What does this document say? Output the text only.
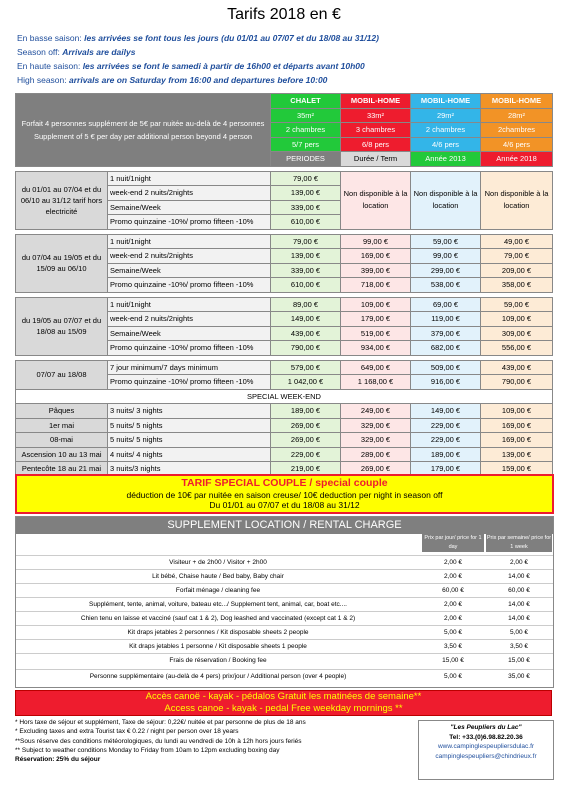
Tarifs 2018 en €
En basse saison: les arrivées se font tous les jours (du 01/01 au 07/07 et du 18/08 au 31/12)
Season off: Arrivals are dailys
En haute saison: les arrivées se font le samedi à partir de 16h00 et départs avant 10h00
High season: arrivals are on Saturday from 16:00 and departures before 10:00
Forfait 4 personnes supplément de 5€ par nuitée au-delà de 4 personnes Supplement of 5 € per day per additional person beyond 4 person		CHALET	MOBIL-HOME	MOBIL-HOME	MOBIL-HOME	
		35m²	33m²	29m²	28m²	
		2 chambres	3 chambres	2 chambres	2chambres	
		5/7 pers	6/8 pers	4/6 pers	4/6 pers	
		PERIODES	Durée / Term	Année 2013	Année 2018		

du 01/01 au 07/04 et du 06/10 au 31/12 tarif hors electricité	1 nuit/1night	79,00 €	Non disponible à la location	Non disponible à la location	Non disponible à la location	
	week-end 2 nuits/2nights	139,00 €				
	Semaine/Week	339,00 €				
	Promo quinzaine -10%/ promo fifteen -10%	610,00 €				

du 07/04 au 19/05 et du 15/09 au 06/10	1 nuit/1night	79,00 €	99,00 €	59,00 €	49,00 €	
	week-end 2 nuits/2nights	139,00 €	169,00 €	99,00 €	79,00 €	
	Semaine/Week	339,00 €	399,00 €	299,00 €	209,00 €	
	Promo quinzaine -10%/ promo fifteen -10%	610,00 €	718,00 €	538,00 €	358,00 €	

du 19/05 au 07/07 et du 18/08 au 15/09	1 nuit/1night	89,00 €	109,00 €	69,00 €	59,00 €	
	week-end 2 nuits/2nights	149,00 €	179,00 €	119,00 €	109,00 €	
	Semaine/Week	439,00 €	519,00 €	379,00 €	309,00 €	
	Promo quinzaine -10%/ promo fifteen -10%	790,00 €	934,00 €	682,00 €	556,00 €	

07/07 au 18/08	7 jour minimum/7 days minimum	579,00 €	649,00 €	509,00 €	439,00 €	
	Promo quinzaine -10%/ promo fifteen -10%	1 042,00 €	1 168,00 €	916,00 €	790,00 €	
SPECIAL WEEK-END						
Pâques	3 nuits/ 3 nights	189,00 €	249,00 €	149,00 €	109,00 €	
1er mai	5 nuits/ 5 nights	269,00 €	329,00 €	229,00 €	169,00 €	
08-mai	5 nuits/ 5 nights	269,00 €	329,00 €	229,00 €	169,00 €	
Ascension 10 au 13 mai	4 nuits/ 4 nights	229,00 €	289,00 €	189,00 €	139,00 €	
Pentecôte 18 au 21 mai	3 nuits/3 nights	219,00 €	269,00 €	179,00 €	159,00 €	
TARIF SPECIAL COUPLE / special couple
déduction de 10€ par nuitée en saison creuse/ 10€ deduction per night in season off
Du 01/01 au 07/07 et du 18/08 au 31/12
SUPPLEMENT LOCATION / RENTAL CHARGE
Prix par jour/ price for 1 day
Prix par semaine/ price for 1 week
Visiteur + de 2h00 / Visitor + 2h00	2,00 €	2,00 €
Lit bébé, Chaise haute / Bed baby, Baby chair	2,00 €	14,00 €
Forfait ménage / cleaning fee	60,00 €	60,00 €
Supplément, tente, animal, voiture, bateau etc.../ Supplement tent, animal, car, boat etc....	2,00 €	14,00 €
Chien tenu en laisse et vacciné (sauf cat 1 & 2), Dog leashed and vaccinated (except cat 1 & 2)	2,00 €	14,00 €
Kit draps jetables 2 personnes / Kit disposable sheets 2 people	5,00 €	5,00 €
Kit draps jetables 1 personne / Kit disposable sheets 1 people	3,50 €	3,50 €
Frais de réservation / Booking fee	15,00 €	15,00 €
Personne supplémentaire (au-delà de 4 pers) prix/jour / Additional person (over 4 people)	5,00 €	35,00 €
Accès canoë - kayak - pédalos Gratuit les matinées de semaine**
Access canoe - kayak - pedal Free weekday mornings **
* Hors taxe de séjour et supplément, Taxe de séjour: 0,22€/ nuitée et par personne de plus de 18 ans
* Excluding taxes and extra Tourist tax € 0.22 / night per person over 18 years
**Sous réserve des conditions météorologiques, du lundi au vendredi de 10h à 12h hors jours feriés
** Subject to weather conditions Monday to Friday from 10am to 12pm excluding boxing day
Réservation: 25% du séjour
"Les Peupliers du Lac"
Tel: +33.(0)6.98.82.20.36
www.campinglespeupliersdulac.fr
campinglespeupliers@chindrieux.fr
